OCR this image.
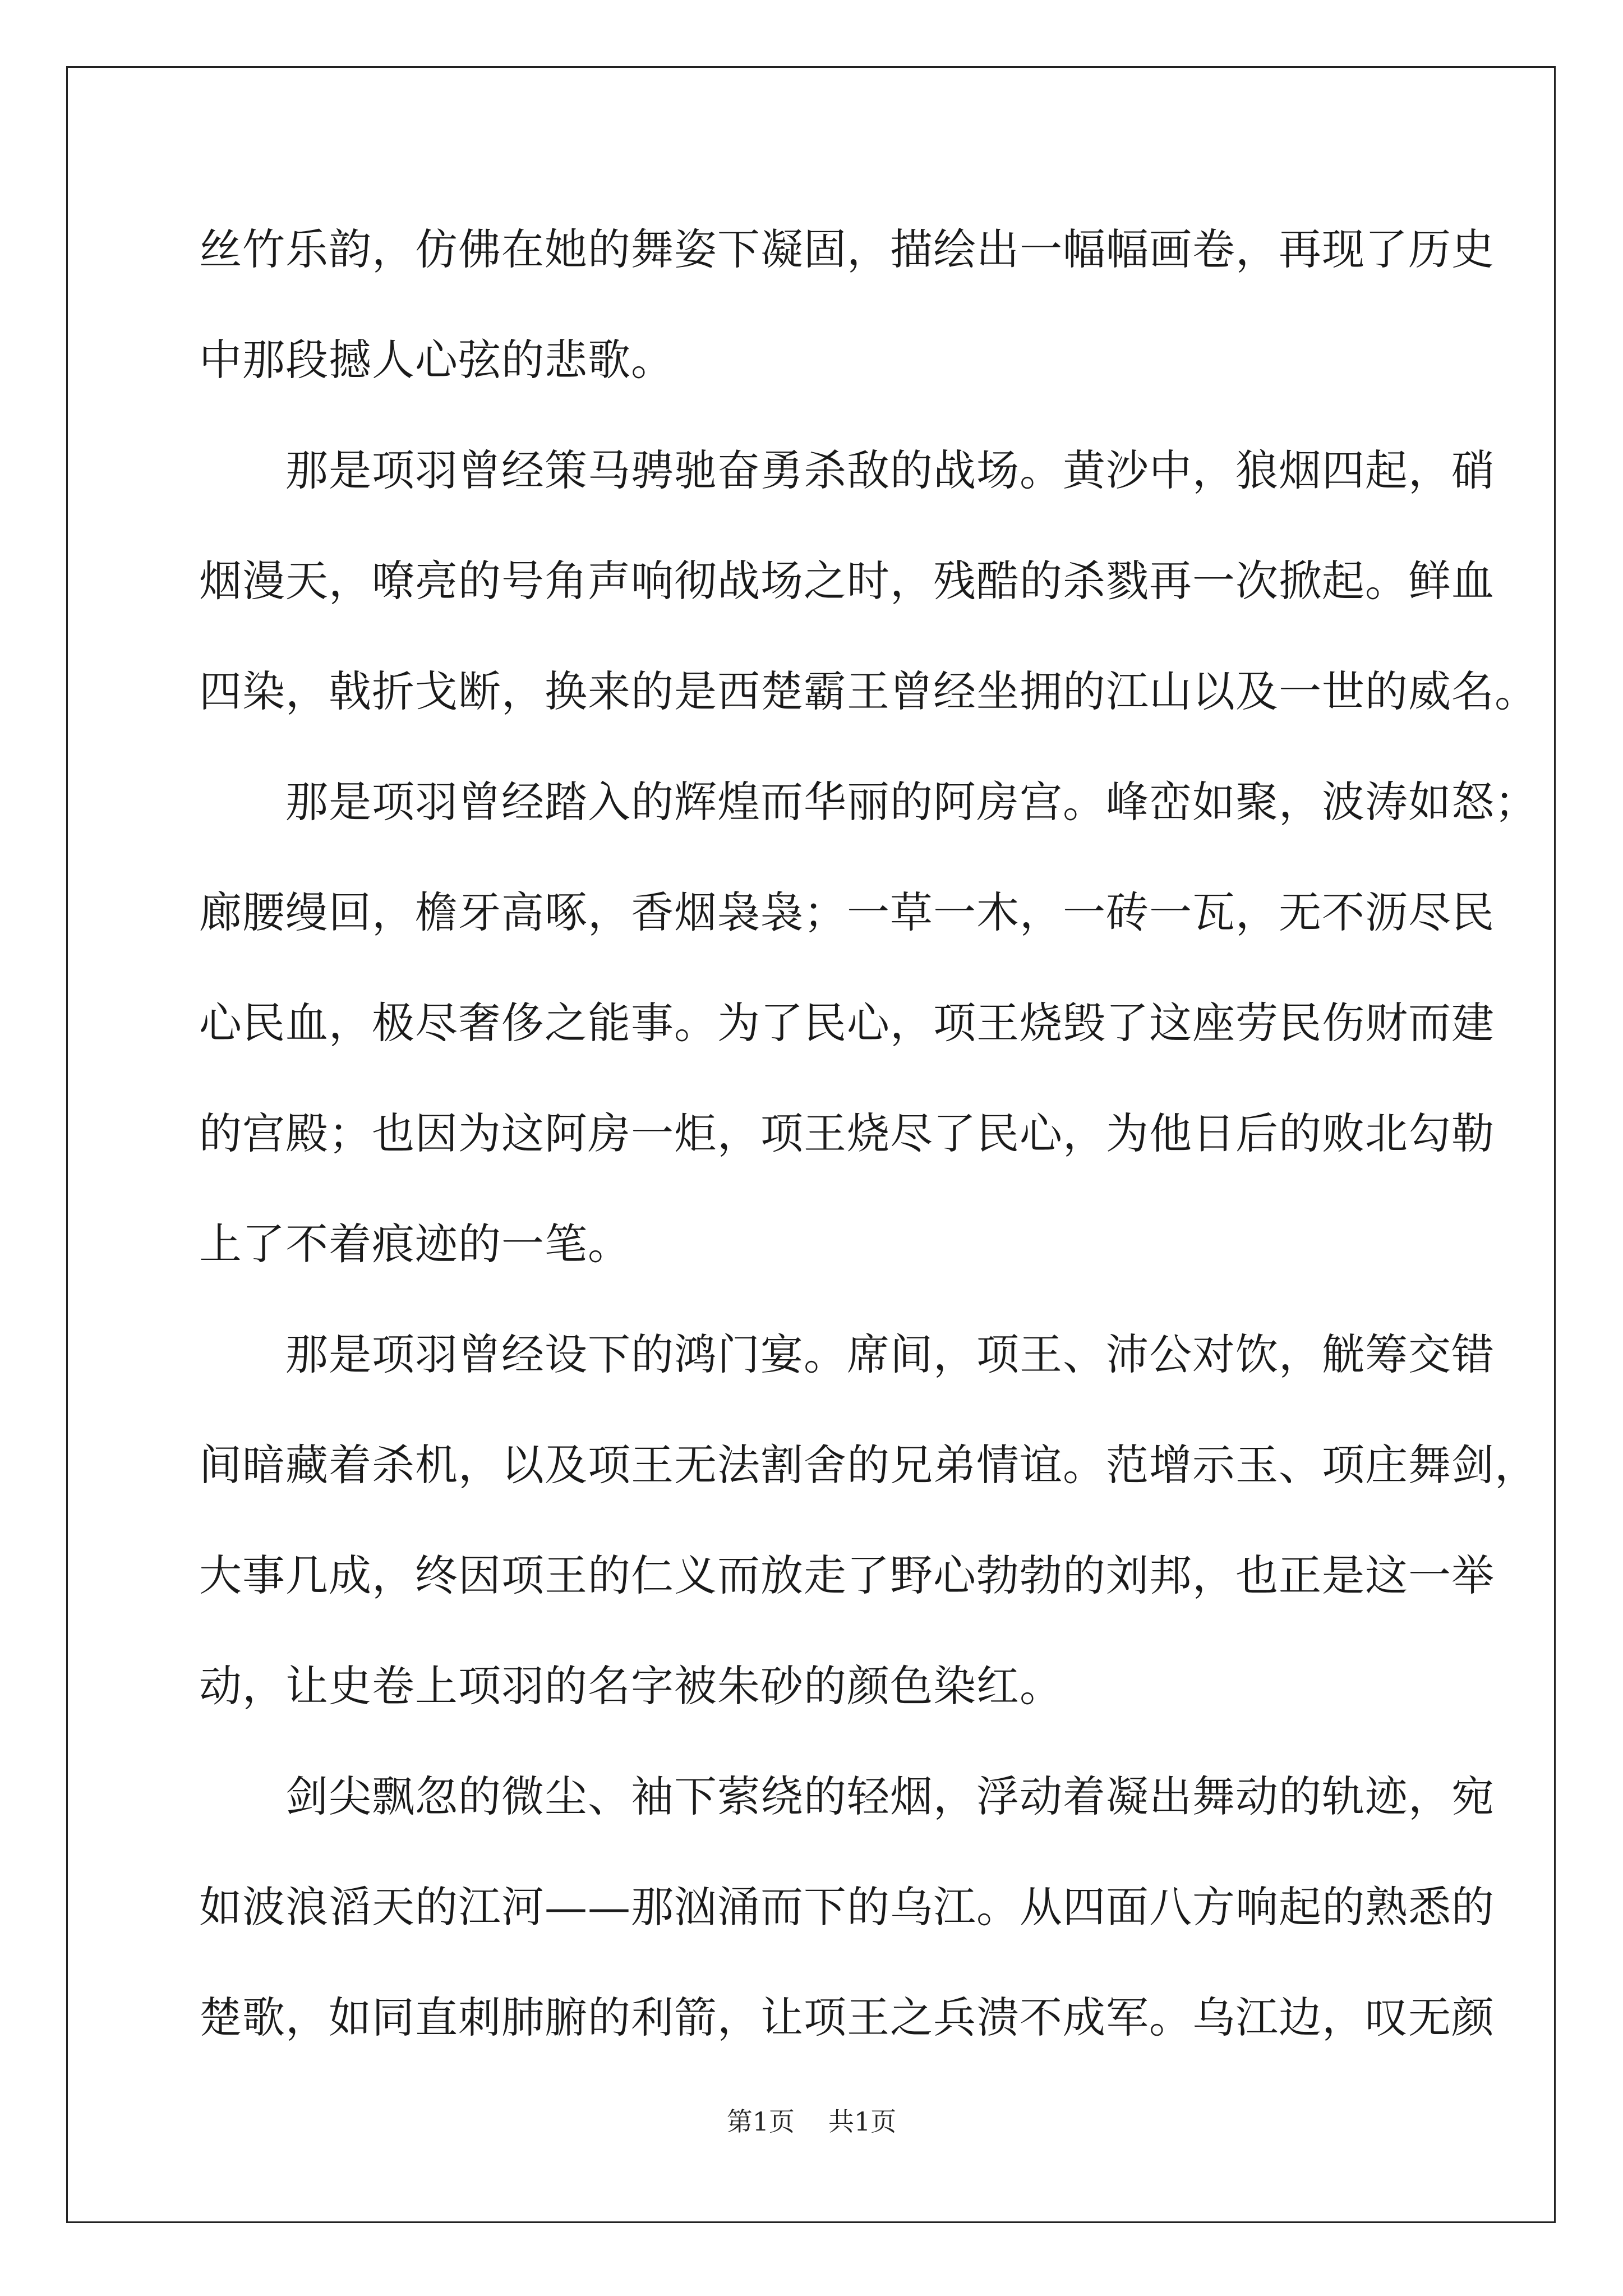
丝竹乐韵，仿佛在她的舞姿下凝固，描绘出一幅幅画卷，再现了历史
中那段撼人心弦的悲歌。
　　那是项羽曾经策马骋驰奋勇杀敌的战场。黄沙中，狼烟四起，硝
烟漫天，嘹亮的号角声响彻战场之时，残酷的杀戮再一次掀起。鲜血
四染，戟折戈断，换来的是西楚霸王曾经坐拥的江山以及一世的威名。
　　那是项羽曾经踏入的辉煌而华丽的阿房宫。峰峦如聚，波涛如怒；
廊腰缦回，檐牙高啄，香烟袅袅；一草一木，一砖一瓦，无不沥尽民
心民血，极尽奢侈之能事。为了民心，项王烧毁了这座劳民伤财而建
的宫殿；也因为这阿房一炬，项王烧尽了民心，为他日后的败北勾勒
上了不着痕迹的一笔。
　　那是项羽曾经设下的鸿门宴。席间，项王、沛公对饮，觥筹交错
间暗藏着杀机，以及项王无法割舍的兄弟情谊。范增示玉、项庄舞剑，
大事几成，终因项王的仁义而放走了野心勃勃的刘邦，也正是这一举
动，让史卷上项羽的名字被朱砂的颜色染红。
　　剑尖飘忽的微尘、袖下萦绕的轻烟，浮动着凝出舞动的轨迹，宛
如波浪滔天的江河——那汹涌而下的乌江。从四面八方响起的熟悉的
楚歌，如同直刺肺腑的利箭，让项王之兵溃不成军。乌江边，叹无颜
第1页 共1页
